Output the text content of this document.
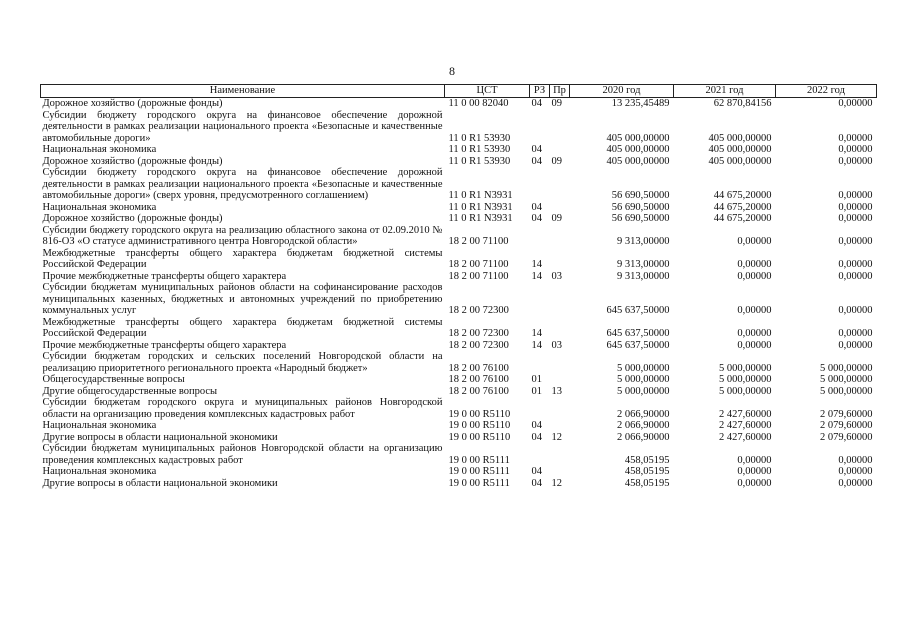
8
Наименование	ЦСТ	РЗ	Пр	2020 год	2021 год	2022 год
Дорожное хозяйство (дорожные фонды)	11 0 00 82040	04	09	13 235,45489	62 870,84156	0,00000
Субсидии бюджету городского округа на финансовое обеспечение дорожной деятельности в рамках реализации национального проекта «Безопасные и качественные автомобильные дороги»	11 0 R1 53930			405 000,00000	405 000,00000	0,00000
Национальная экономика	11 0 R1 53930	04		405 000,00000	405 000,00000	0,00000
Дорожное хозяйство (дорожные фонды)	11 0 R1 53930	04	09	405 000,00000	405 000,00000	0,00000
Субсидии бюджету городского округа на финансовое обеспечение дорожной деятельности в рамках реализации национального проекта «Безопасные и качественные автомобильные дороги» (сверх уровня, предусмотренного соглашением)	11 0 R1 N3931			56 690,50000	44 675,20000	0,00000
Национальная экономика	11 0 R1 N3931	04		56 690,50000	44 675,20000	0,00000
Дорожное хозяйство (дорожные фонды)	11 0 R1 N3931	04	09	56 690,50000	44 675,20000	0,00000
Субсидии бюджету городского округа на реализацию областного закона от 02.09.2010 № 816-ОЗ «О статусе административного центра Новгородской области»	18 2 00 71100			9 313,00000	0,00000	0,00000
Межбюджетные трансферты общего характера бюджетам бюджетной системы Российской Федерации	18 2 00 71100	14		9 313,00000	0,00000	0,00000
Прочие межбюджетные трансферты общего характера	18 2 00 71100	14	03	9 313,00000	0,00000	0,00000
Субсидии бюджетам муниципальных районов области на софинансирование расходов муниципальных казенных, бюджетных и автономных учреждений по приобретению коммунальных услуг	18 2 00 72300			645 637,50000	0,00000	0,00000
Межбюджетные трансферты общего характера бюджетам бюджетной системы Российской Федерации	18 2 00 72300	14		645 637,50000	0,00000	0,00000
Прочие межбюджетные трансферты общего характера	18 2 00 72300	14	03	645 637,50000	0,00000	0,00000
Субсидии бюджетам городских и сельских поселений Новгородской области на реализацию приоритетного регионального проекта «Народный бюджет»	18 2 00 76100			5 000,00000	5 000,00000	5 000,00000
Общегосударственные вопросы	18 2 00 76100	01		5 000,00000	5 000,00000	5 000,00000
Другие общегосударственные вопросы	18 2 00 76100	01	13	5 000,00000	5 000,00000	5 000,00000
Субсидии бюджетам городского округа и муниципальных районов Новгородской области на организацию проведения комплексных кадастровых работ	19 0 00 R5110			2 066,90000	2 427,60000	2 079,60000
Национальная экономика	19 0 00 R5110	04		2 066,90000	2 427,60000	2 079,60000
Другие вопросы в области национальной экономики	19 0 00 R5110	04	12	2 066,90000	2 427,60000	2 079,60000
Субсидии бюджетам муниципальных районов Новгородской области на организацию проведения комплексных кадастровых работ	19 0 00 R5111			458,05195	0,00000	0,00000
Национальная экономика	19 0 00 R5111	04		458,05195	0,00000	0,00000
Другие вопросы в области национальной экономики	19 0 00 R5111	04	12	458,05195	0,00000	0,00000
